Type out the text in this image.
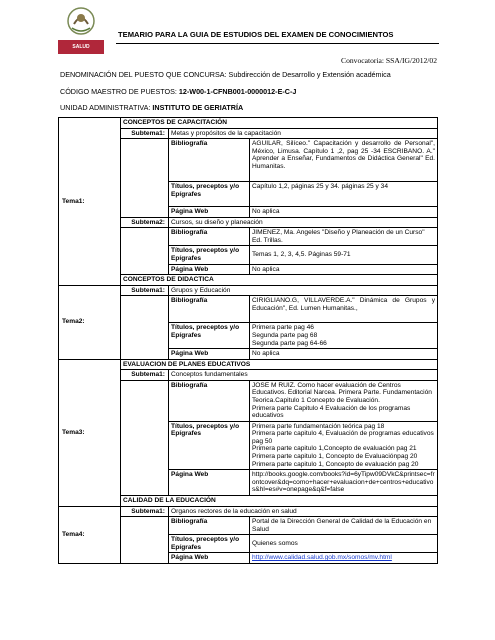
SALUD
TEMARIO PARA LA GUIA DE ESTUDIOS DEL EXAMEN DE CONOCIMIENTOS
Convocatoria: SSA/IG/2012/02
DENOMINACIÓN DEL PUESTO QUE CONCURSA: Subdirección de Desarrollo y Extensión académica
CÓDIGO MAESTRO DE PUESTOS: 12-W00-1-CFNB001-0000012-E-C-J
UNIDAD ADMINISTRATIVA: INSTITUTO DE GERIATRÍA
Tema1:	CONCEPTOS DE CAPACITACIÓN		
	Subtema1:	Metas y propósitos de la capacitación	
		Bibliografía	AGUILAR, Silíceo." Capacitación y desarrollo de Personal", México, Limusa. Capítulo 1 ,2, pag 25 -34 ESCRIBANO. A." Aprender a Enseñar, Fundamentos de Didáctica General" Ed. Humanitas.
		Títulos, preceptos y/o Epígrafes	Capítulo 1,2, páginas 25 y 34. páginas 25 y 34
		Página Web	No aplica
	Subtema2:	Cursos, su diseño y planeación	
		Bibliografía	JIMENEZ, Ma. Angeles "Diseño y Planeación de un Curso" Ed. Trillas.
		Títulos, preceptos y/o Epígrafes	Temas 1, 2, 3, 4,5. Páginas 59-71
		Página Web	No aplica
	CONCEPTOS DE DIDACTICA		
Tema2:	Subtema1:	Grupos y Educación	
		Bibliografía	CIRIGLIANO.G, VILLAVERDE.A." Dinámica de Grupos y Educación", Ed. Lumen Humanitas.,
		Títulos, preceptos y/o Epígrafes	Primera parte pag 46
Segunda parte pag 68
Segunda parte pag 64-66

		Página Web	No aplica
Tema3:	EVALUACION DE PLANES EDUCATIVOS		
	Subtema1:	Conceptos fundamentales	
		Bibliografía	JOSE M RUIZ. Como hacer evaluación de Centros Educativos. Editorial Narcea. Primera Parte. Fundamentación Teorica.Capitulo 1 Concepto de Evaluación.
Primera parte Capitulo 4 Evaluación de los programas educativos

		Títulos, preceptos y/o Epígrafes	Primera parte fundamentación teórica pag 18
Primera parte capitulo 4, Evaluación de programas educativos pag 50
Primera parte capitulo 1,Concepto de evaluación pag 21
Primera parte capitulo 1, Concepto de Evaluaciónpag 20
Primera parte capitulo 1, Concepto de evaluación pag 20

		Página Web	http://books.google.com/books?id=6yTipw09DVkC&printsec=frontcover&dq=como+hacer+evaluacion+de+centros+educativos&hl=es#v=onepage&q&f=false
	CALIDAD DE LA EDUCACIÓN		
Tema4:	Subtema1:	Organos rectores de la educación en salud	
		Bibliografía	Portal de la Dirección General de Calidad de la Educación en Salud
		Títulos, preceptos y/o Epígrafes	Quienes somos
		Página Web	http://www.calidad.salud.gob.mx/somos/mv.html
